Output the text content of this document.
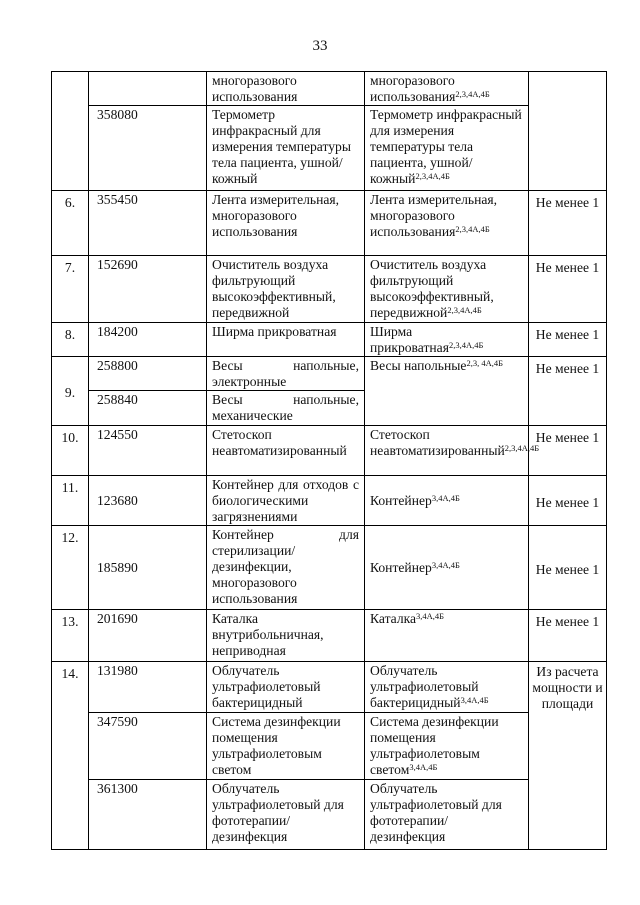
33
		многоразового использования	многоразового использования$^{2,3,4А,4Б}$	
	358080	Термометр инфракрасный для измерения температуры тела пациента, ушной/кожный	Термометр инфракрасный для измерения температуры тела пациента, ушной/кожный$^{2,3,4А,4Б}$
6.	355450	Лента измерительная, многоразового использования	Лента измерительная, многоразового использования$^{2,3,4А,4Б}$	Не менее 1
7.	152690	Очиститель воздуха фильтрующий высокоэффективный, передвижной	Очиститель воздуха фильтрующий высокоэффективный, передвижной$^{2,3,4А,4Б}$	Не менее 1
8.	184200	Ширма прикроватная	Ширма прикроватная$^{2,3,4А,4Б}$	Не менее 1
9.	258800	Весы напольные, электронные	Весы напольные$^{2,3, 4А,4Б}$	Не менее 1
	258840	Весы напольные, механические		

10.	124550	Стетоскоп неавтоматизированный	Стетоскоп неавтоматизированный$^{2,3,4А,4Б}$	Не менее 1
11.	123680	Контейнер для отходов с биологическими загрязнениями	Контейнер$^{3,4А,4Б}$	Не менее 1
12.	185890	Контейнер для стерилизации/ дезинфекции, многоразового использования	Контейнер$^{3,4А,4Б}$	Не менее 1
13.	201690	Каталка внутрибольничная, неприводная	Каталка$^{3,4А,4Б}$	Не менее 1
14.	131980	Облучатель ультрафиолетовый бактерицидный	Облучатель ультрафиолетовый бактерицидный$^{3,4А,4Б}$	Из расчета мощности и площади
	347590	Система дезинфекции помещения ультрафиолетовым светом	Система дезинфекции помещения ультрафиолетовым светом$^{3,4А,4Б}$
	361300	Облучатель ультрафиолетовый для фототерапии/ дезинфекция	Облучатель ультрафиолетовый для фототерапии/ дезинфекция	
